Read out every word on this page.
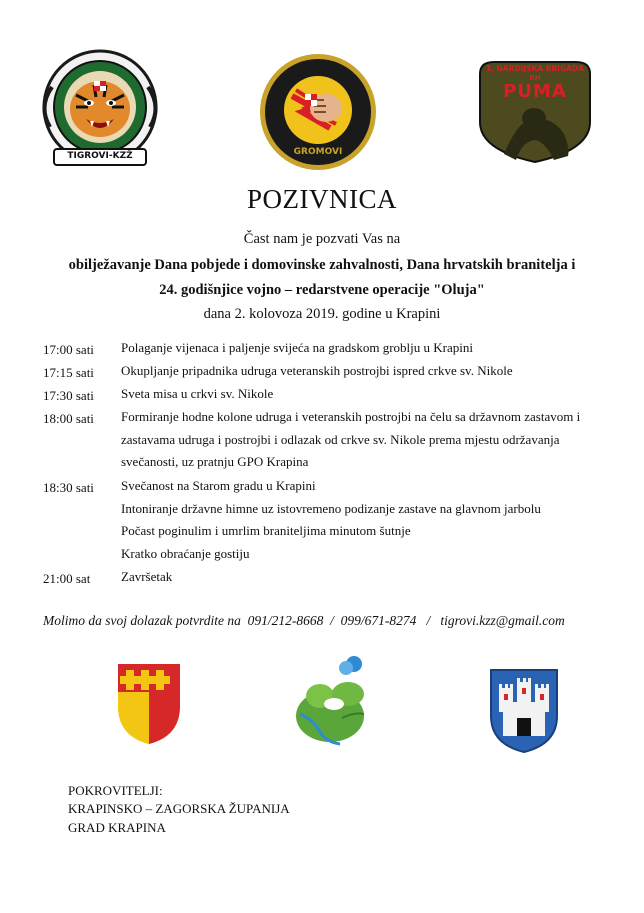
TIGROVI-KZŽ	GROMOVI
1. GARDIJSKA BRIGADA
RH
PUMA
POZIVNICA
Čast nam je pozvati Vas na
obilježavanje Dana pobjede i domovinske zahvalnosti, Dana hrvatskih branitelja i
24. godišnjice vojno – redarstvene operacije "Oluja"
dana 2. kolovoza 2019. godine u Krapini
17:00 sati Polaganje vijenaca i paljenje svijeća na gradskom groblju u Krapini
17:15 sati Okupljanje pripadnika udruga veteranskih postrojbi ispred crkve sv. Nikole
17:30 sati Sveta misa u crkvi sv. Nikole
18:00 sati Formiranje hodne kolone udruga i veteranskih postrojbi na čelu sa državnom zastavom i
zastavama udruga i postrojbi i odlazak od crkve sv. Nikole prema mjestu održavanja
svečanosti, uz pratnju GPO Krapina
18:30 sati Svečanost na Starom gradu u Krapini
Intoniranje državne himne uz istovremeno podizanje zastave na glavnom jarbolu
Počast poginulim i umrlim braniteljima minutom šutnje
Kratko obraćanje gostiju
21:00 sat Završetak
Molimo da svoj dolazak potvrdite na  091/212-8668  /  099/671-8274   /   tigrovi.kzz@gmail.com
POKROVITELJI:
KRAPINSKO – ZAGORSKA ŽUPANIJA
GRAD KRAPINA
